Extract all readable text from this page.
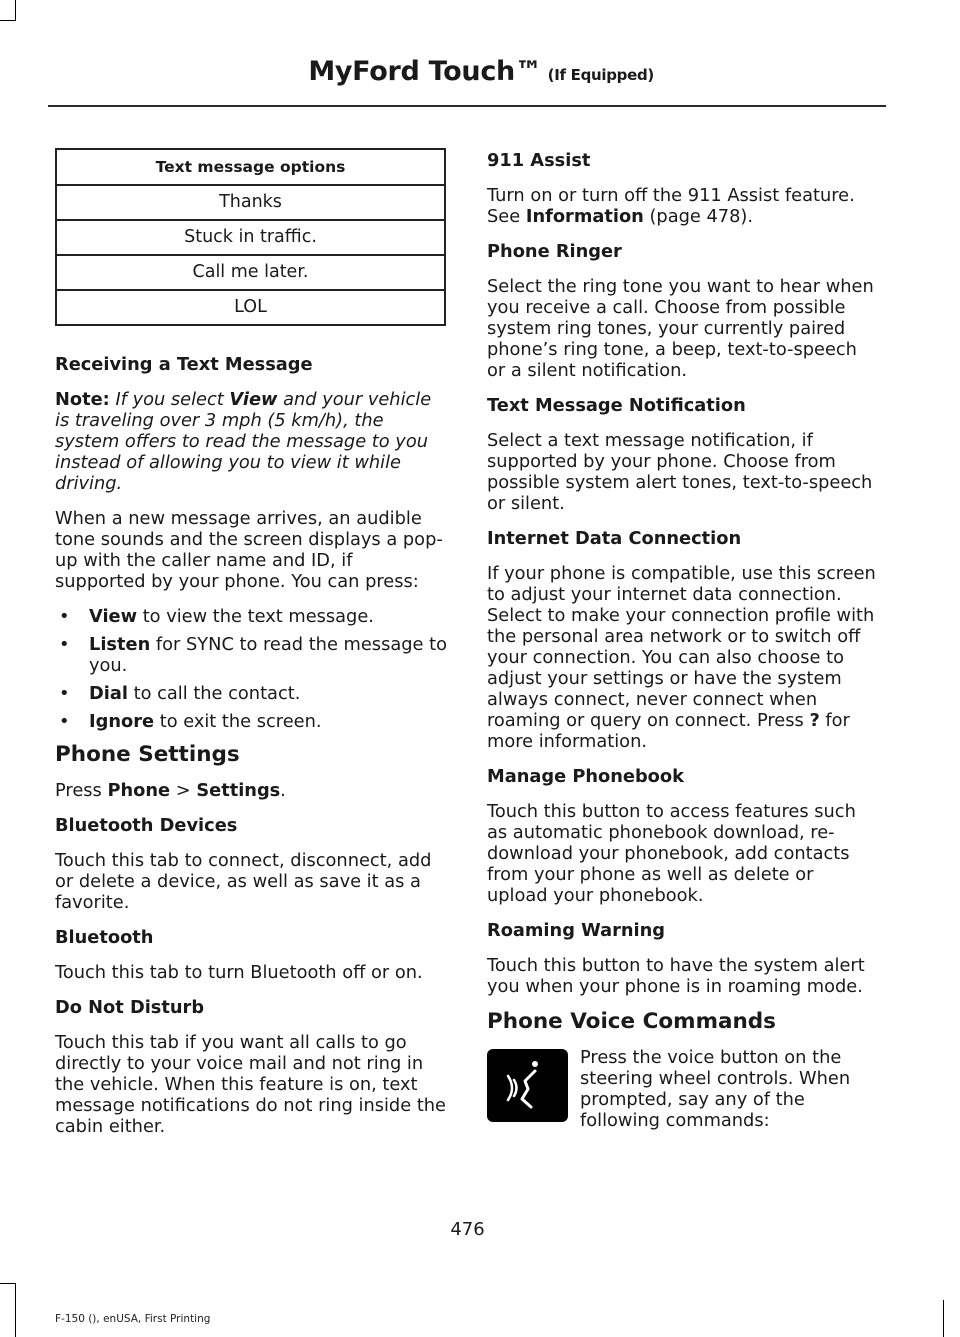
MyFord Touch™ (If Equipped)
Text message options
Thanks
Stuck in traffic.
Call me later.
LOL
Receiving a Text Message

Note: If you select View and your vehicle is traveling over 3 mph (5 km/h), the system offers to read the message to you instead of allowing you to view it while driving.

When a new message arrives, an audible tone sounds and the screen displays a pop-up with the caller name and ID, if supported by your phone. You can press:

• View to view the text message.
• Listen for SYNC to read the message to you.
• Dial to call the contact.
• Ignore to exit the screen.
Phone Settings

Press Phone > Settings.

Bluetooth Devices

Touch this tab to connect, disconnect, add or delete a device, as well as save it as a favorite.

Bluetooth

Touch this tab to turn Bluetooth off or on.

Do Not Disturb

Touch this tab if you want all calls to go directly to your voice mail and not ring in the vehicle. When this feature is on, text message notifications do not ring inside the cabin either.

911 Assist

Turn on or turn off the 911 Assist feature. See Information (page 478).

Phone Ringer

Select the ring tone you want to hear when you receive a call. Choose from possible system ring tones, your currently paired phone’s ring tone, a beep, text-to-speech or a silent notification.

Text Message Notification

Select a text message notification, if supported by your phone. Choose from possible system alert tones, text-to-speech or silent.

Internet Data Connection

If your phone is compatible, use this screen to adjust your internet data connection. Select to make your connection profile with the personal area network or to switch off your connection. You can also choose to adjust your settings or have the system always connect, never connect when roaming or query on connect. Press ? for more information.

Manage Phonebook

Touch this button to access features such as automatic phonebook download, re-download your phonebook, add contacts from your phone as well as delete or upload your phonebook.

Roaming Warning

Touch this button to have the system alert you when your phone is in roaming mode.

Phone Voice Commands

Press the voice button on the steering wheel controls. When prompted, say any of the following commands:

476
F-150 (), enUSA, First Printing
